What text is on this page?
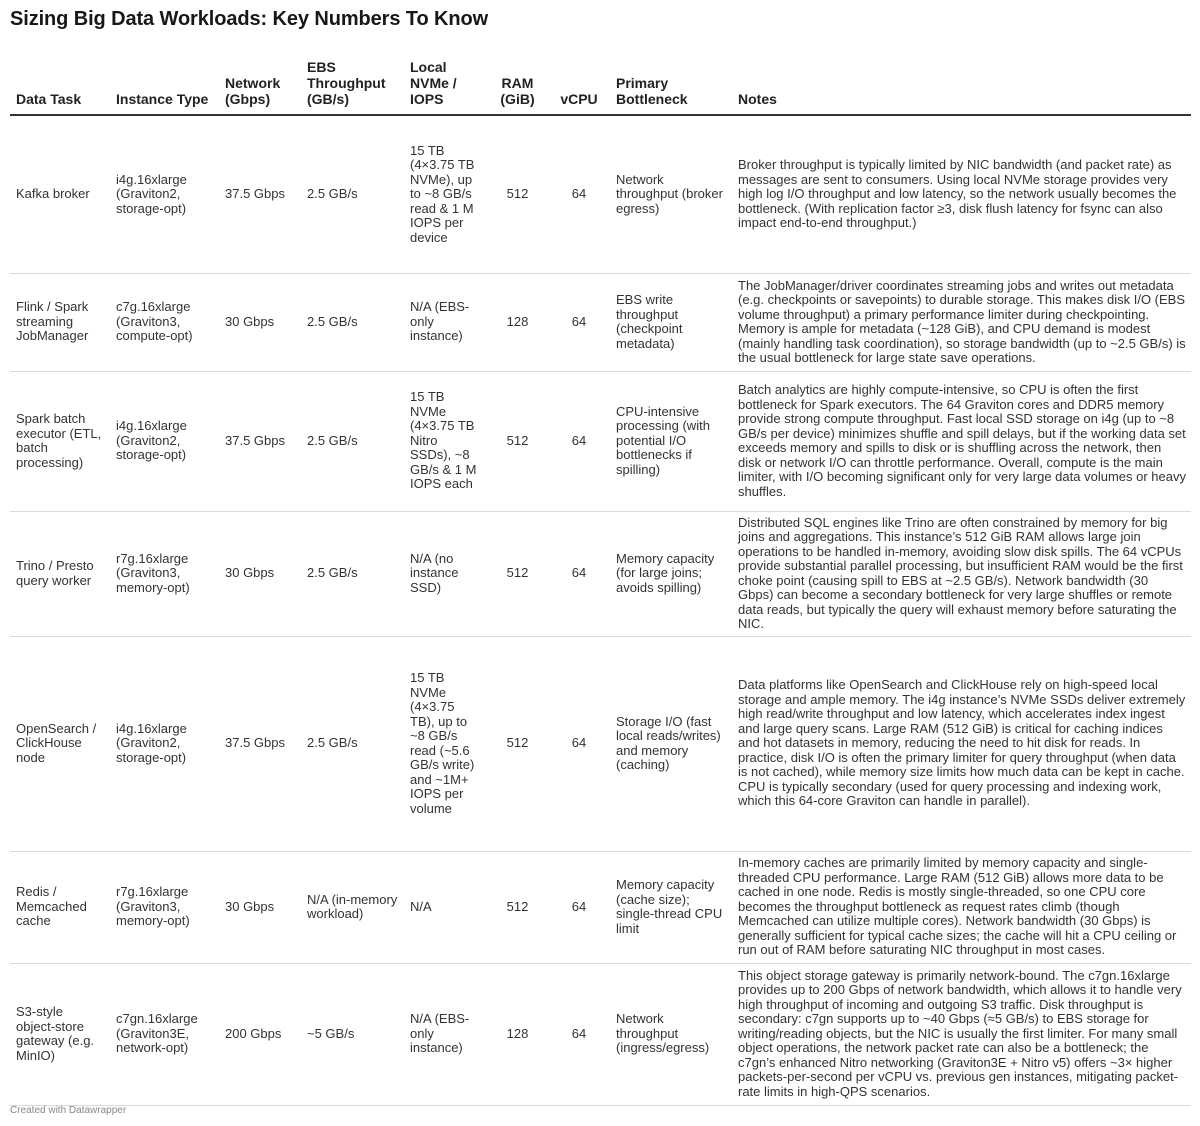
Sizing Big Data Workloads: Key Numbers To Know
Data Task	Instance Type	Network (Gbps)	EBS Throughput (GB/s)	Local NVMe / IOPS	RAM (GiB)	vCPU	Primary Bottleneck	Notes
Kafka broker	i4g.16xlarge (Graviton2, storage-opt)	37.5 Gbps	2.5 GB/s	15 TB (4×3.75 TB NVMe), up to ~8 GB/s read & 1 M IOPS per device	512	64	Network throughput (broker egress)	Broker throughput is typically limited by NIC bandwidth (and packet rate) as messages are sent to consumers. Using local NVMe storage provides very high log I/O throughput and low latency, so the network usually becomes the bottleneck. (With replication factor ≥3, disk flush latency for fsync can also impact end-to-end throughput.)
Flink / Spark streaming JobManager	c7g.16xlarge (Graviton3, compute-opt)	30 Gbps	2.5 GB/s	N/A (EBS-only instance)	128	64	EBS write throughput (checkpoint metadata)	The JobManager/driver coordinates streaming jobs and writes out metadata (e.g. checkpoints or savepoints) to durable storage. This makes disk I/O (EBS volume throughput) a primary performance limiter during checkpointing. Memory is ample for metadata (~128 GiB), and CPU demand is modest (mainly handling task coordination), so storage bandwidth (up to ~2.5 GB/s) is the usual bottleneck for large state save operations.
Spark batch executor (ETL, batch processing)	i4g.16xlarge (Graviton2, storage-opt)	37.5 Gbps	2.5 GB/s	15 TB NVMe (4×3.75 TB Nitro SSDs), ~8 GB/s & 1 M IOPS each	512	64	CPU-intensive processing (with potential I/O bottlenecks if spilling)	Batch analytics are highly compute-intensive, so CPU is often the first bottleneck for Spark executors. The 64 Graviton cores and DDR5 memory provide strong compute throughput. Fast local SSD storage on i4g (up to ~8 GB/s per device) minimizes shuffle and spill delays, but if the working data set exceeds memory and spills to disk or is shuffling across the network, then disk or network I/O can throttle performance. Overall, compute is the main limiter, with I/O becoming significant only for very large data volumes or heavy shuffles.
Trino / Presto query worker	r7g.16xlarge (Graviton3, memory-opt)	30 Gbps	2.5 GB/s	N/A (no instance SSD)	512	64	Memory capacity (for large joins; avoids spilling)	Distributed SQL engines like Trino are often constrained by memory for big joins and aggregations. This instance’s 512 GiB RAM allows large join operations to be handled in-memory, avoiding slow disk spills. The 64 vCPUs provide substantial parallel processing, but insufficient RAM would be the first choke point (causing spill to EBS at ~2.5 GB/s). Network bandwidth (30 Gbps) can become a secondary bottleneck for very large shuffles or remote data reads, but typically the query will exhaust memory before saturating the NIC.
OpenSearch / ClickHouse node	i4g.16xlarge (Graviton2, storage-opt)	37.5 Gbps	2.5 GB/s	15 TB NVMe (4×3.75 TB), up to ~8 GB/s read (~5.6 GB/s write) and ~1M+ IOPS per volume	512	64	Storage I/O (fast local reads/writes) and memory (caching)	Data platforms like OpenSearch and ClickHouse rely on high-speed local storage and ample memory. The i4g instance’s NVMe SSDs deliver extremely high read/write throughput and low latency, which accelerates index ingest and large query scans. Large RAM (512 GiB) is critical for caching indices and hot datasets in memory, reducing the need to hit disk for reads. In practice, disk I/O is often the primary limiter for query throughput (when data is not cached), while memory size limits how much data can be kept in cache. CPU is typically secondary (used for query processing and indexing work, which this 64-core Graviton can handle in parallel).
Redis / Memcached cache	r7g.16xlarge (Graviton3, memory-opt)	30 Gbps	N/A (in-memory workload)	N/A	512	64	Memory capacity (cache size); single-thread CPU limit	In-memory caches are primarily limited by memory capacity and single-threaded CPU performance. Large RAM (512 GiB) allows more data to be cached in one node. Redis is mostly single-threaded, so one CPU core becomes the throughput bottleneck as request rates climb (though Memcached can utilize multiple cores). Network bandwidth (30 Gbps) is generally sufficient for typical cache sizes; the cache will hit a CPU ceiling or run out of RAM before saturating NIC throughput in most cases.
S3-style object-store gateway (e.g. MinIO)	c7gn.16xlarge (Graviton3E, network-opt)	200 Gbps	~5 GB/s	N/A (EBS-only instance)	128	64	Network throughput (ingress/egress)	This object storage gateway is primarily network-bound. The c7gn.16xlarge provides up to 200 Gbps of network bandwidth, which allows it to handle very high throughput of incoming and outgoing S3 traffic. Disk throughput is secondary: c7gn supports up to ~40 Gbps (≈5 GB/s) to EBS storage for writing/reading objects, but the NIC is usually the first limiter. For many small object operations, the network packet rate can also be a bottleneck; the c7gn’s enhanced Nitro networking (Graviton3E + Nitro v5) offers ~3× higher packets-per-second per vCPU vs. previous gen instances, mitigating packet-rate limits in high-QPS scenarios.
Created with Datawrapper
